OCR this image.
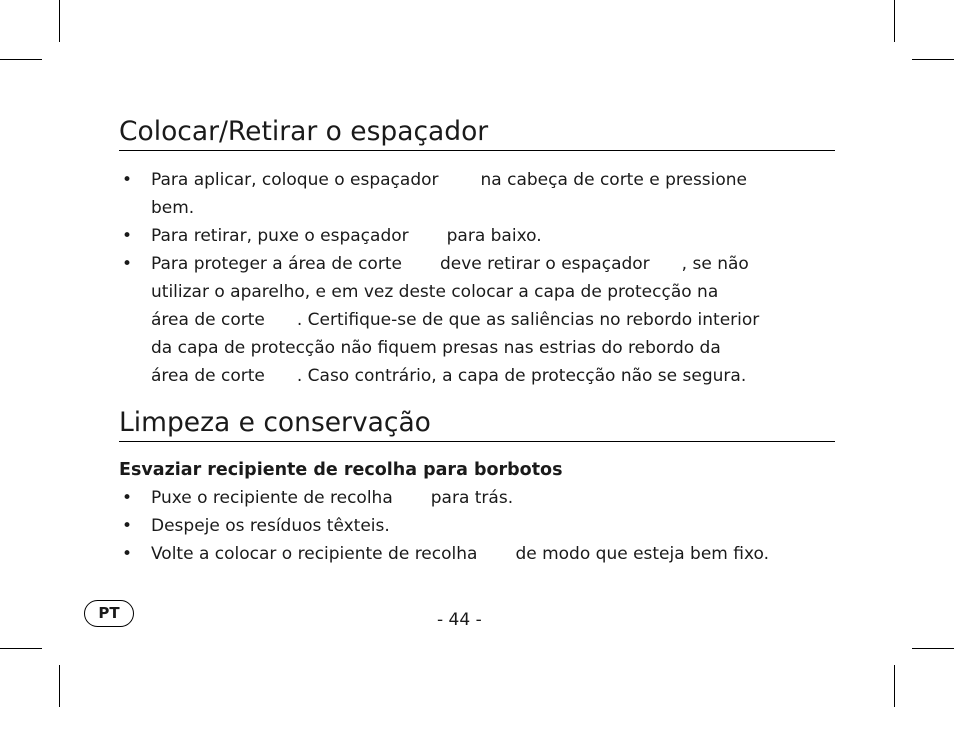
Colocar/Retirar o espaçador
• Para aplicar, coloque o espaçador na cabeça de corte e pressione
bem.
• Para retirar, puxe o espaçador para baixo.
• Para proteger a área de corte deve retirar o espaçador , se não
utilizar o aparelho, e em vez deste colocar a capa de protecção na
área de corte . Certifique-se de que as saliências no rebordo interior
da capa de protecção não fiquem presas nas estrias do rebordo da
área de corte . Caso contrário, a capa de protecção não se segura.
Limpeza e conservação
Esvaziar recipiente de recolha para borbotos
• Puxe o recipiente de recolha para trás.
• Despeje os resíduos têxteis.
• Volte a colocar o recipiente de recolha de modo que esteja bem fixo.
PT	- 44 -
